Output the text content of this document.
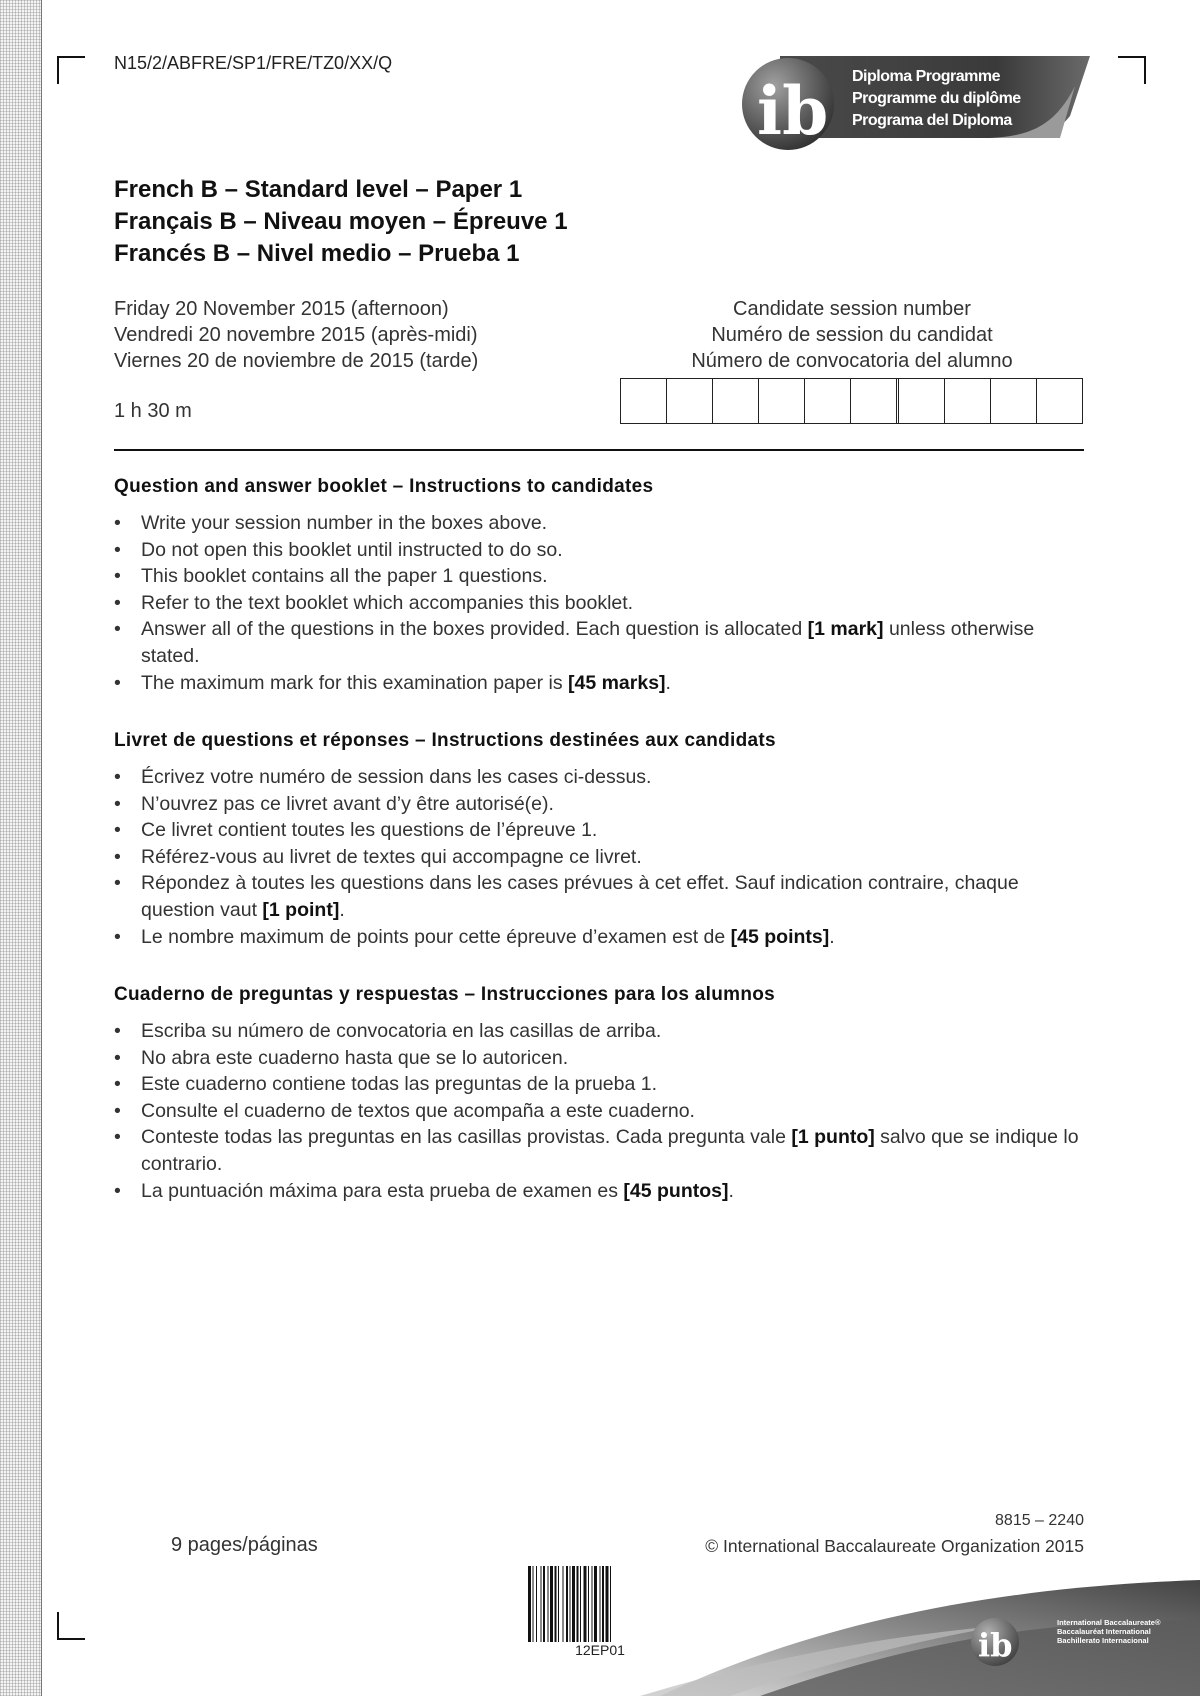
N15/2/ABFRE/SP1/FRE/TZ0/XX/Q
ib Diploma Programme
Programme du diplôme
Programa del Diploma
French B – Standard level – Paper 1
Français B – Niveau moyen – Épreuve 1
Francés B – Nivel medio – Prueba 1
Friday 20 November 2015 (afternoon)
Vendredi 20 novembre 2015 (après-midi)
Viernes 20 de noviembre de 2015 (tarde)
1 h 30 m
Candidate session number
Numéro de session du candidat
Número de convocatoria del alumno
Question and answer booklet – Instructions to candidates
• Write your session number in the boxes above.
• Do not open this booklet until instructed to do so.
• This booklet contains all the paper 1 questions.
• Refer to the text booklet which accompanies this booklet.
• Answer all of the questions in the boxes provided. Each question is allocated [1 mark] unless otherwise stated.
• The maximum mark for this examination paper is [45 marks].
Livret de questions et réponses – Instructions destinées aux candidats
• Écrivez votre numéro de session dans les cases ci-dessus.
• N’ouvrez pas ce livret avant d’y être autorisé(e).
• Ce livret contient toutes les questions de l’épreuve 1.
• Référez-vous au livret de textes qui accompagne ce livret.
• Répondez à toutes les questions dans les cases prévues à cet effet. Sauf indication contraire, chaque question vaut [1 point].
• Le nombre maximum de points pour cette épreuve d’examen est de [45 points].
Cuaderno de preguntas y respuestas – Instrucciones para los alumnos
• Escriba su número de convocatoria en las casillas de arriba.
• No abra este cuaderno hasta que se lo autoricen.
• Este cuaderno contiene todas las preguntas de la prueba 1.
• Consulte el cuaderno de textos que acompaña a este cuaderno.
• Conteste todas las preguntas en las casillas provistas. Cada pregunta vale [1 punto] salvo que se indique lo contrario.
• La puntuación máxima para esta prueba de examen es [45 puntos].
9 pages/páginas
8815 – 2240
© International Baccalaureate Organization 2015
12EP01	ib
International Baccalaureate®
Baccalauréat International
Bachillerato Internacional
